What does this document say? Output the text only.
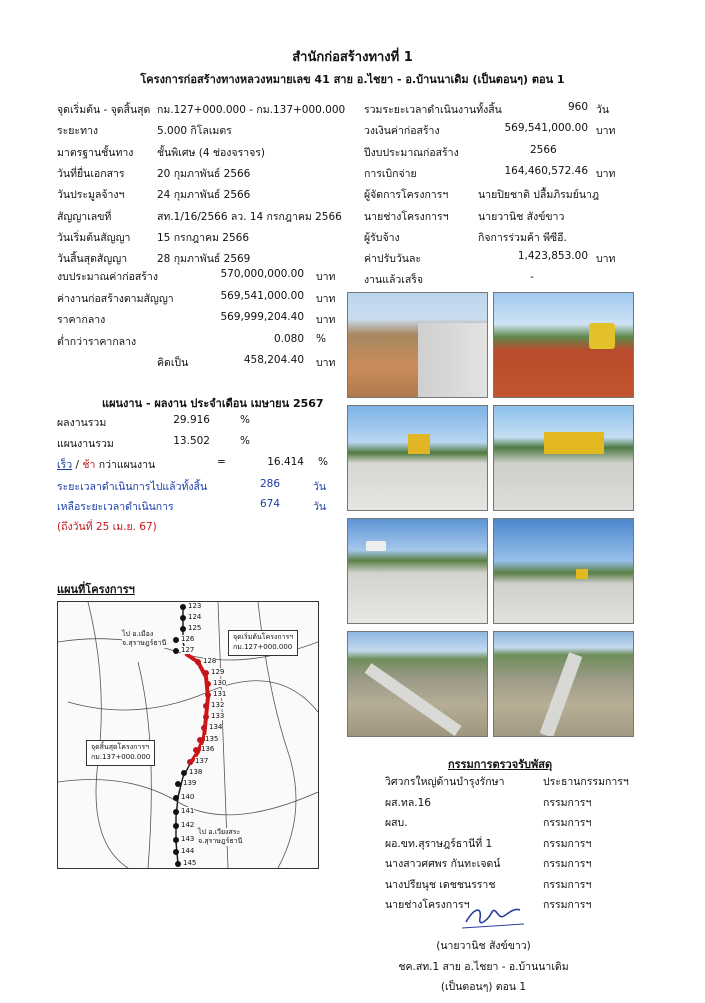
สำนักก่อสร้างทางที่ 1
โครงการก่อสร้างทางหลวงหมายเลข 41 สาย อ.ไชยา - อ.บ้านนาเดิม (เป็นตอนๆ) ตอน 1
จุดเริ่มต้น - จุดสิ้นสุด กม.127+000.000 - กม.137+000.000
ระยะทาง	5.000 กิโลเมตร
มาตรฐานชั้นทาง ชั้นพิเศษ (4 ช่องจราจร)
วันที่ยื่นเอกสาร	20 กุมภาพันธ์ 2566
วันประมูลจ้างฯ	24 กุมภาพันธ์ 2566
สัญญาเลขที่	สท.1/16/2566 ลว. 14 กรกฎาคม 2566
วันเริ่มต้นสัญญา	15 กรกฎาคม 2566
วันสิ้นสุดสัญญา	28 กุมภาพันธ์ 2569
งบประมาณค่าก่อสร้าง	570,000,000.00 บาท
ค่างานก่อสร้างตามสัญญา	569,541,000.00 บาท
ราคากลาง	569,999,204.40 บาท
ต่ำกว่าราคากลาง	0.080 %
คิดเป็น	458,204.40 บาท
รวมระยะเวลาดำเนินงานทั้งสิ้น	960 วัน
วงเงินค่าก่อสร้าง	569,541,000.00 บาท
ปีงบประมาณก่อสร้าง	2566
การเบิกจ่าย	164,460,572.46 บาท
ผู้จัดการโครงการฯ	นายปิยชาติ ปลื้มภิรมย์นาฎ
นายช่างโครงการฯ	นายวานิช สังข์ขาว
ผู้รับจ้าง	กิจการร่วมค้า พีซีอี.
ค่าปรับวันละ	1,423,853.00 บาท
งานแล้วเสร็จ	-
แผนงาน - ผลงาน ประจำเดือน เมษายน 2567
ผลงานรวม	29.916	%
แผนงานรวม	13.502	%
เร็ว / ช้า กว่าแผนงาน	=	16.414 %
ระยะเวลาดำเนินการไปแล้วทั้งสิ้น	286	วัน
เหลือระยะเวลาดำเนินการ	674	วัน
(ถึงวันที่ 25 เม.ย. 67)
แผนที่โครงการฯ
123
124
125
126
127
128
129
130
131
132
133
134
135
136
137
138
139
140
141
142
143
144
145
จุดเริ่มต้นโครงการฯ
กม.127+000.000
จุดสิ้นสุดโครงการฯ
กม.137+000.000
ไป อ.เมือง
จ.สุราษฎร์ธานี
ไป อ.เวียงสระ
จ.สุราษฎร์ธานี
กรรมการตรวจรับพัสดุ
วิศวกรใหญ่ด้านบำรุงรักษา	ประธานกรรมการฯ
ผส.ทล.16	กรรมการฯ
ผสบ.	กรรมการฯ
ผอ.ขท.สุราษฎร์ธานีที่ 1	กรรมการฯ
นางสาวศศพร กันทะเจดน์	กรรมการฯ
นางปรียนุช เดชชนรราช	กรรมการฯ
นายช่างโครงการฯ	กรรมการฯ
(นายวานิช สังข์ขาว)
ชค.สท.1 สาย อ.ไชยา - อ.บ้านนาเดิม
(เป็นตอนๆ) ตอน 1
